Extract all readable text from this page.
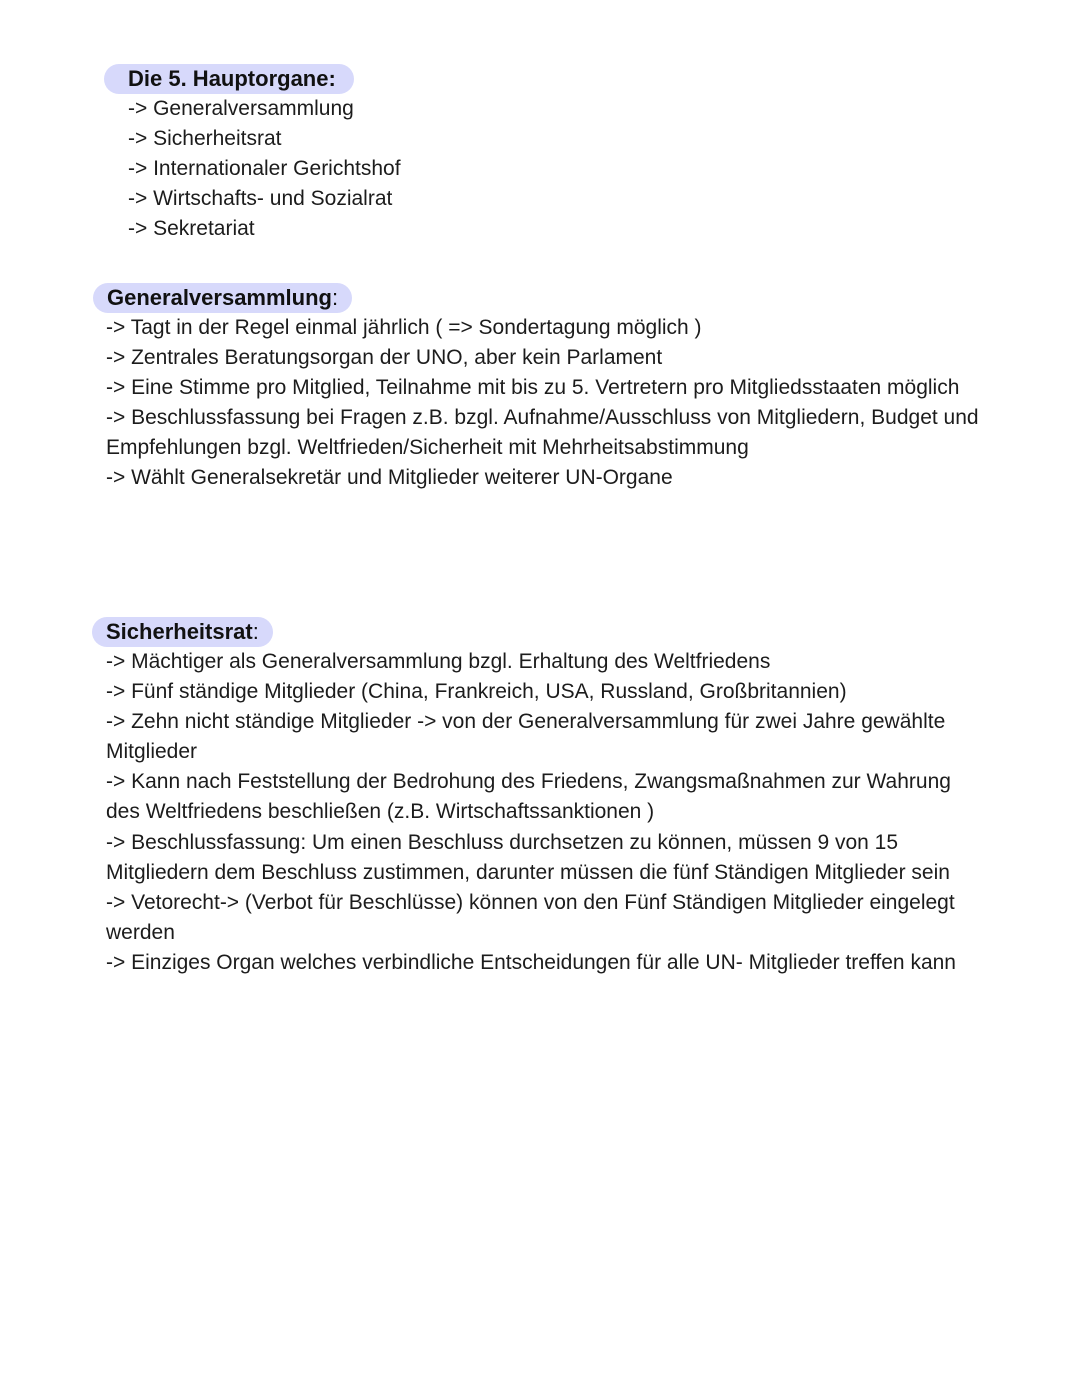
Die 5. Hauptorgane:
-> Generalversammlung
-> Sicherheitsrat
-> Internationaler Gerichtshof
-> Wirtschafts- und Sozialrat
-> Sekretariat
Generalversammlung:
-> Tagt in der Regel einmal jährlich ( => Sondertagung möglich )
-> Zentrales Beratungsorgan der UNO, aber kein Parlament
-> Eine Stimme pro Mitglied, Teilnahme mit bis zu 5. Vertretern pro Mitgliedsstaaten möglich
-> Beschlussfassung bei Fragen z.B. bzgl. Aufnahme/Ausschluss von Mitgliedern, Budget und
Empfehlungen bzgl. Weltfrieden/Sicherheit mit Mehrheitsabstimmung
-> Wählt Generalsekretär und Mitglieder weiterer UN-Organe
Sicherheitsrat:
-> Mächtiger als Generalversammlung bzgl. Erhaltung des Weltfriedens
-> Fünf ständige Mitglieder (China, Frankreich, USA, Russland, Großbritannien)
-> Zehn nicht ständige Mitglieder -> von der Generalversammlung für zwei Jahre gewählte
Mitglieder
-> Kann nach Feststellung der Bedrohung des Friedens, Zwangsmaßnahmen zur Wahrung
des Weltfriedens beschließen (z.B. Wirtschaftssanktionen )
-> Beschlussfassung: Um einen Beschluss durchsetzen zu können, müssen 9 von 15
Mitgliedern dem Beschluss zustimmen, darunter müssen die fünf Ständigen Mitglieder sein
-> Vetorecht-> (Verbot für Beschlüsse) können von den Fünf Ständigen Mitglieder eingelegt
werden
-> Einziges Organ welches verbindliche Entscheidungen für alle UN- Mitglieder treffen kann
